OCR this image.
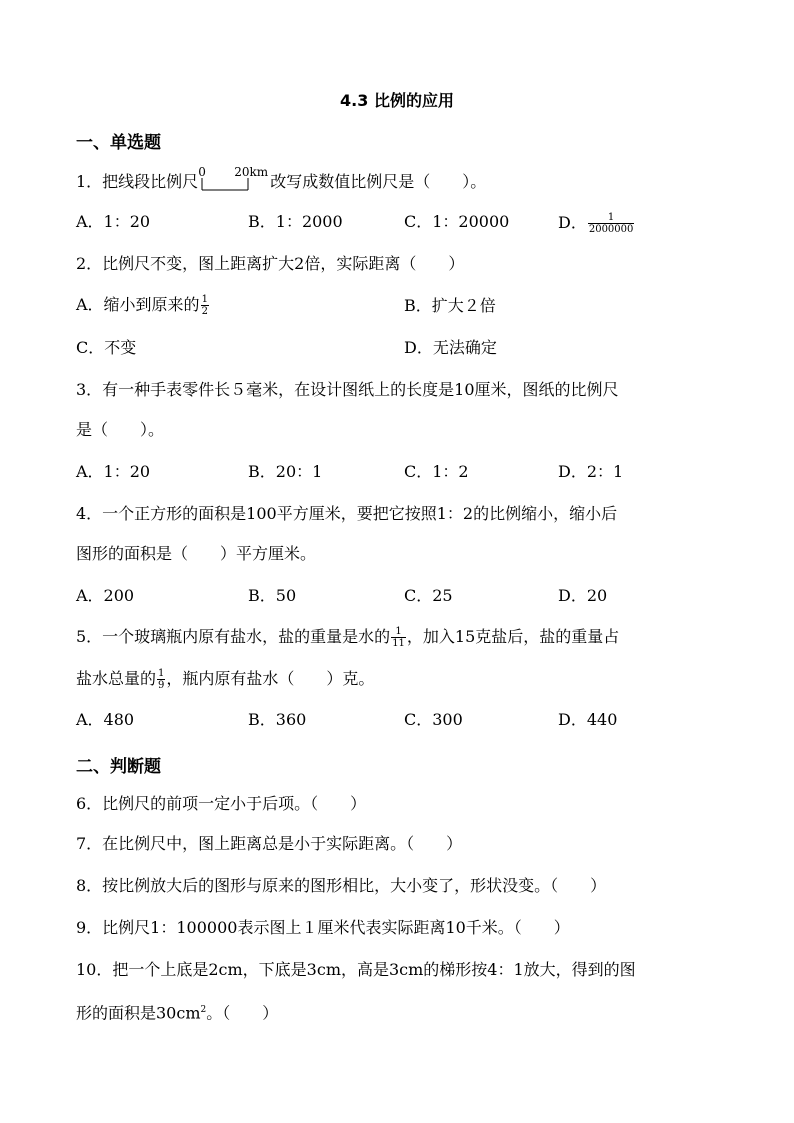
4.3 比例的应用
一、单选题
1．把线段比例尺 0 20km 改写成数值比例尺是（　　）。
A．1：20	B．1：2000	C．1：20000	D． $\frac{1}{2000000}$
2．比例尺不变，图上距离扩大2倍，实际距离（　　）
A．缩小到原来的 $\frac{1}{2}$	B．扩大２倍
C．不变	D．无法确定
3．有一种手表零件长５毫米，在设计图纸上的长度是10厘米，图纸的比例尺
是（　　）。
A．1：20	B．20：1	C．1：2	D．2：1
4．一个正方形的面积是100平方厘米，要把它按照1：2的比例缩小，缩小后
图形的面积是（　　）平方厘米。
A．200	B．50	C．25	D．20
5．一个玻璃瓶内原有盐水，盐的重量是水的 $\frac{1}{11}$ ，加入15克盐后，盐的重量占
盐水总量的 $\frac{1}{9}$ ，瓶内原有盐水（　　）克。
A．480	B．360	C．300	D．440
二、判断题
6．比例尺的前项一定小于后项。（　　）
7．在比例尺中，图上距离总是小于实际距离。（　　）
8．按比例放大后的图形与原来的图形相比，大小变了，形状没变。（　　）
9．比例尺1：100000表示图上１厘米代表实际距离10千米。（　　）
10．把一个上底是2cm，下底是3cm，高是3cm的梯形按4：1放大，得到的图
形的面积是$30cm^2$。（　　）
